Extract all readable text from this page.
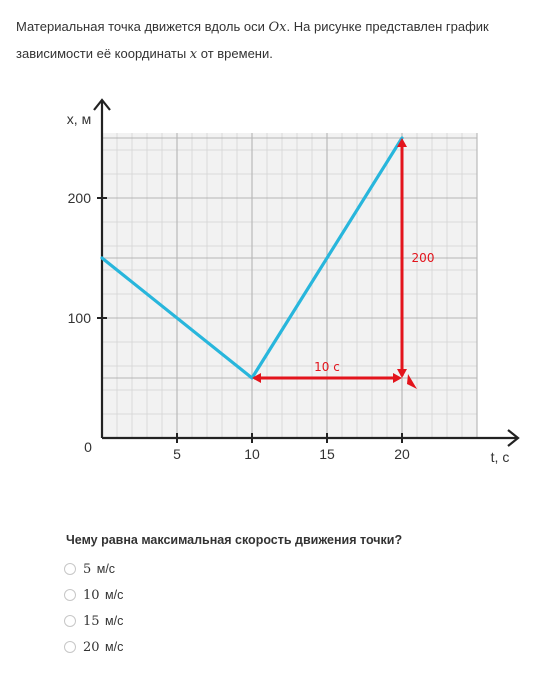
Материальная точка движется вдоль оси Ox. На рисунке представлен график зависимости её координаты x от времени.
5	10	15	20
100
200
0
x, м
t, с
10 с
200
Чему равна максимальная скорость движения точки?
5
м/с
10
м/с
15
м/с
20
м/с
